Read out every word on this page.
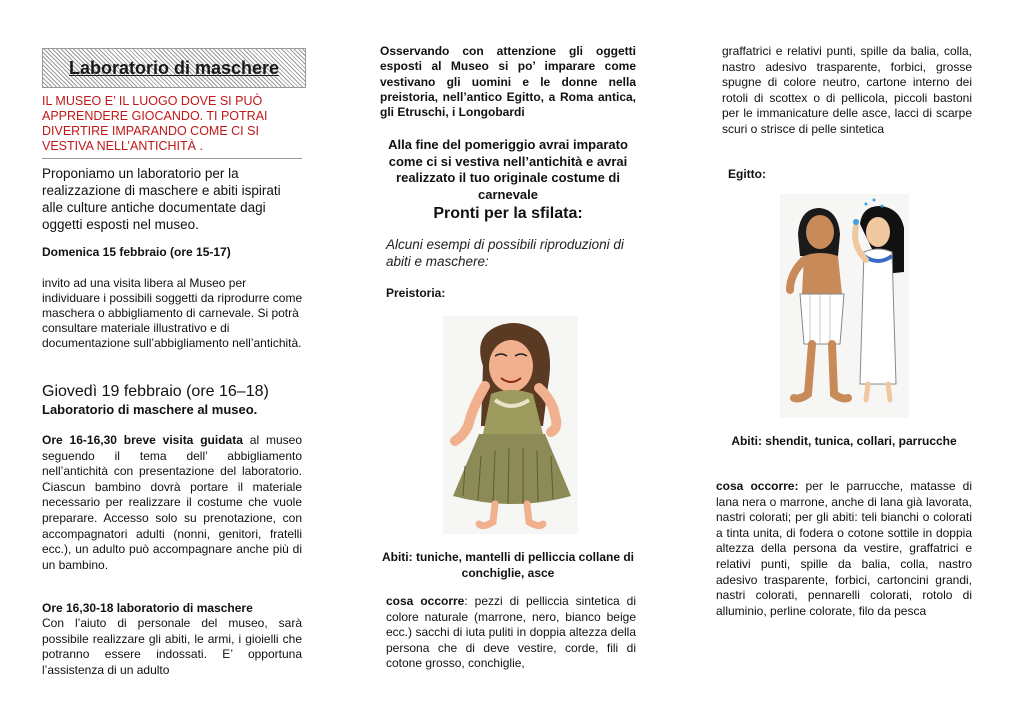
Laboratorio di maschere

IL MUSEO E’ IL LUOGO DOVE SI PUÒ APPRENDERE GIOCANDO. TI POTRAI DIVERTIRE IMPARANDO COME CI SI VESTIVA NELL’ANTICHITÀ .

Proponiamo un laboratorio per la realizzazione di maschere e abiti ispirati alle culture antiche documentate dagi oggetti esposti nel museo.

Domenica 15 febbraio (ore 15-17)

invito ad una visita libera al Museo per individuare i possibili soggetti da riprodurre come maschera o abbigliamento di carnevale. Si potrà consultare materiale illustrativo e di documentazione sull’abbigliamento nell’antichità.

Giovedì 19 febbraio (ore 16–18)

Laboratorio di maschere al museo.

Ore 16-16,30 breve visita guidata al museo seguendo il tema dell’ abbigliamento nell’antichità con presentazione del laboratorio. Ciascun bambino dovrà portare il materiale necessario per realizzare il costume che vuole preparare. Accesso solo su prenotazione, con accompagnatori adulti (nonni, genitori, fratelli ecc.), un adulto può accompagnare anche più di un bambino.

Ore 16,30-18 laboratorio di maschere

Con l’aiuto di personale del museo, sarà possibile realizzare gli abiti, le armi, i gioielli che potranno essere indossati. E’ opportuna l’assistenza di un adulto

Osservando con attenzione gli oggetti esposti al Museo si po’ imparare come vestivano gli uomini e le donne nella preistoria, nell’antico Egitto, a Roma antica, gli Etruschi, i Longobardi

Alla fine del pomeriggio avrai imparato come ci si vestiva nell’antichità e avrai realizzato il tuo originale costume di carnevale

Pronti per la sfilata:

Alcuni esempi di possibili riproduzioni di abiti e maschere:

Preistoria:

Abiti: tuniche, mantelli di pelliccia collane di conchiglie, asce

cosa occorre: pezzi di pelliccia sintetica di colore naturale (marrone, nero, bianco beige ecc.) sacchi di iuta puliti in doppia altezza della persona che di deve vestire, corde, fili di cotone grosso, conchiglie,

graffatrici e relativi punti, spille da balia, colla, nastro adesivo trasparente, forbici, grosse spugne di colore neutro, cartone interno dei rotoli di scottex o di pellicola, piccoli bastoni per le immanicature delle asce, lacci di scarpe scuri o strisce di pelle sintetica

Egitto:

Abiti: shendit, tunica, collari, parrucche

cosa occorre: per le parrucche, matasse di lana nera o marrone, anche di lana già lavorata, nastri colorati; per gli abiti: teli bianchi o colorati a tinta unita, di fodera o cotone sottile in doppia altezza della persona da vestire, graffatrici e relativi punti, spille da balia, colla, nastro adesivo trasparente, forbici, cartoncini grandi, nastri colorati, pennarelli colorati, rotolo di alluminio, perline colorate, filo da pesca
